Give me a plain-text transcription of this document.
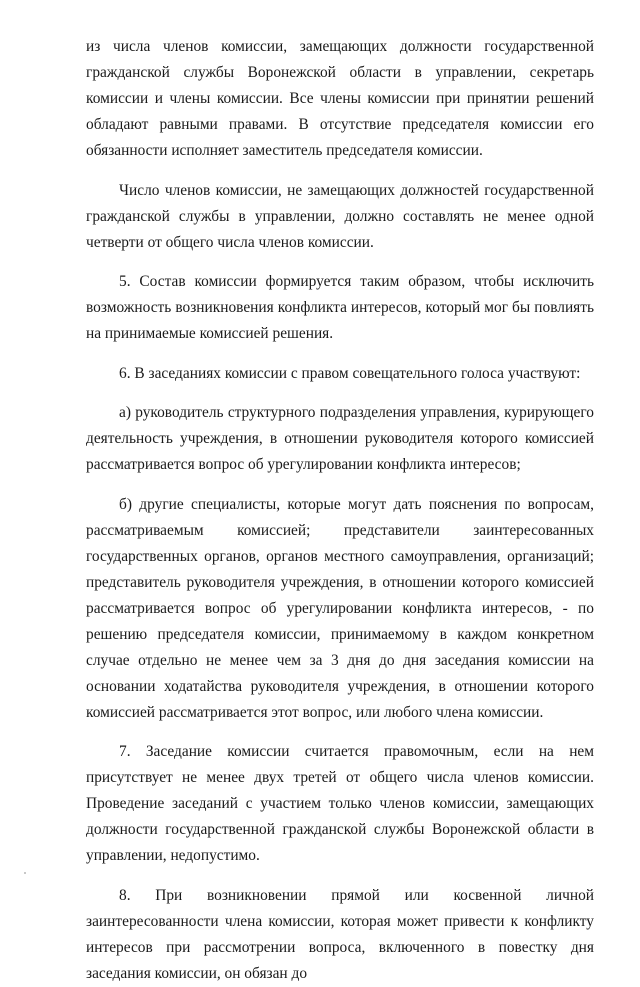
из числа членов комиссии, замещающих должности государственной гражданской службы Воронежской области в управлении, секретарь комиссии и члены комиссии. Все члены комиссии при принятии решений обладают равными правами. В отсутствие председателя комиссии его обязанности исполняет заместитель председателя комиссии.

Число членов комиссии, не замещающих должностей государственной гражданской службы в управлении, должно составлять не менее одной четверти от общего числа членов комиссии.

5. Состав комиссии формируется таким образом, чтобы исключить возможность возникновения конфликта интересов, который мог бы повлиять на принимаемые комиссией решения.

6. В заседаниях комиссии с правом совещательного голоса участвуют:

а) руководитель структурного подразделения управления, курирующего деятельность учреждения, в отношении руководителя которого комиссией рассматривается вопрос об урегулировании конфликта интересов;

б) другие специалисты, которые могут дать пояснения по вопросам, рассматриваемым комиссией; представители заинтересованных государственных органов, органов местного самоуправления, организаций; представитель руководителя учреждения, в отношении которого комиссией рассматривается вопрос об урегулировании конфликта интересов, - по решению председателя комиссии, принимаемому в каждом конкретном случае отдельно не менее чем за 3 дня до дня заседания комиссии на основании ходатайства руководителя учреждения, в отношении которого комиссией рассматривается этот вопрос, или любого члена комиссии.

7. Заседание комиссии считается правомочным, если на нем присутствует не менее двух третей от общего числа членов комиссии. Проведение заседаний с участием только членов комиссии, замещающих должности государственной гражданской службы Воронежской области в управлении, недопустимо.

8. При возникновении прямой или косвенной личной заинтересованности члена комиссии, которая может привести к конфликту интересов при рассмотрении вопроса, включенного в повестку дня заседания комиссии, он обязан до
